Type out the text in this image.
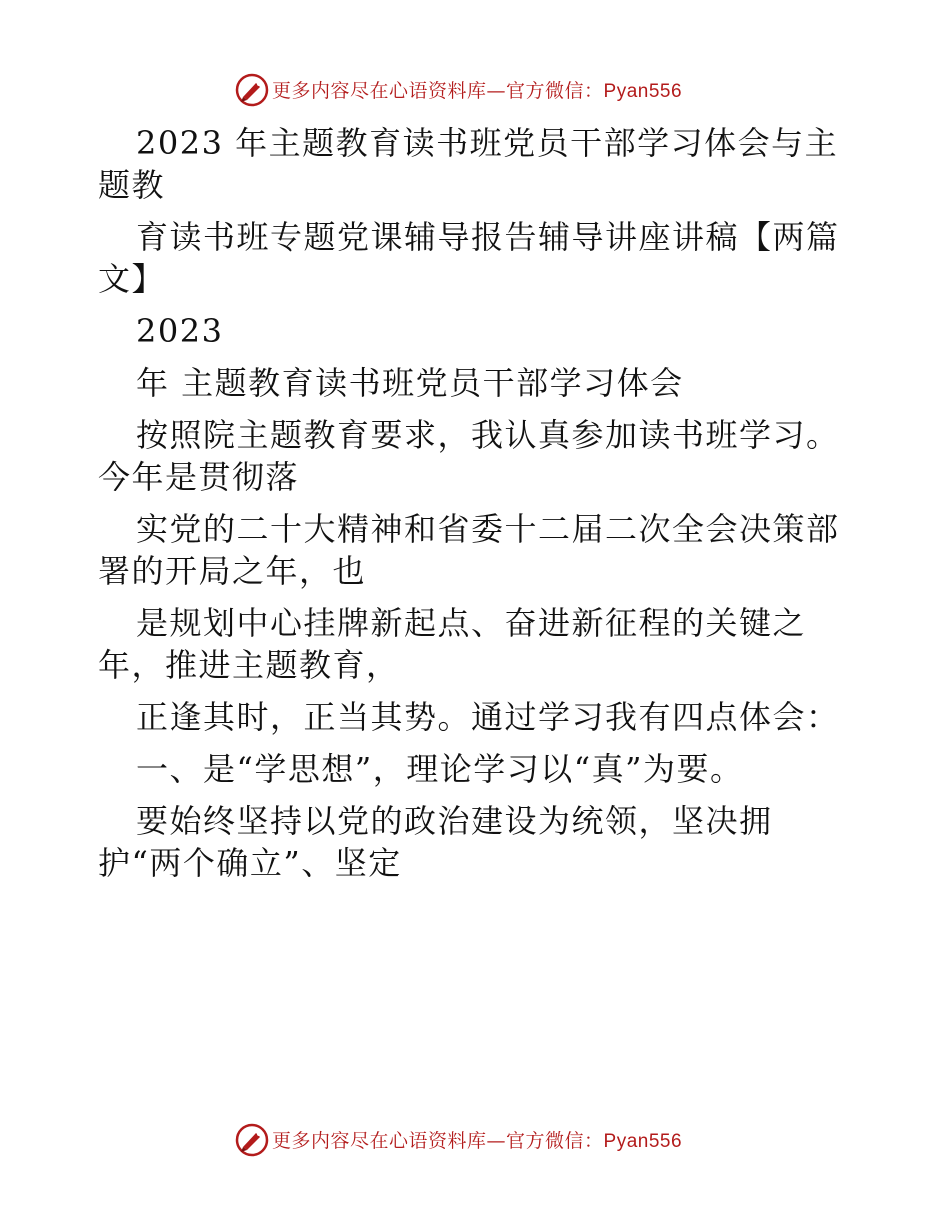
更多内容尽在心语资料库—官方微信：Pyan556
2023 年主题教育读书班党员干部学习体会与主
题教
育读书班专题党课辅导报告辅导讲座讲稿【两篇
文】
2023
年 主题教育读书班党员干部学习体会
按照院主题教育要求，我认真参加读书班学习。
今年是贯彻落
实党的二十大精神和省委十二届二次全会决策部
署的开局之年，也
是规划中心挂牌新起点、奋进新征程的关键之
年，推进主题教育，
正逢其时，正当其势。通过学习我有四点体会：
一、是“学思想”，理论学习以“真”为要。
要始终坚持以党的政治建设为统领，坚决拥
护“两个确立”、坚定
更多内容尽在心语资料库—官方微信：Pyan556
